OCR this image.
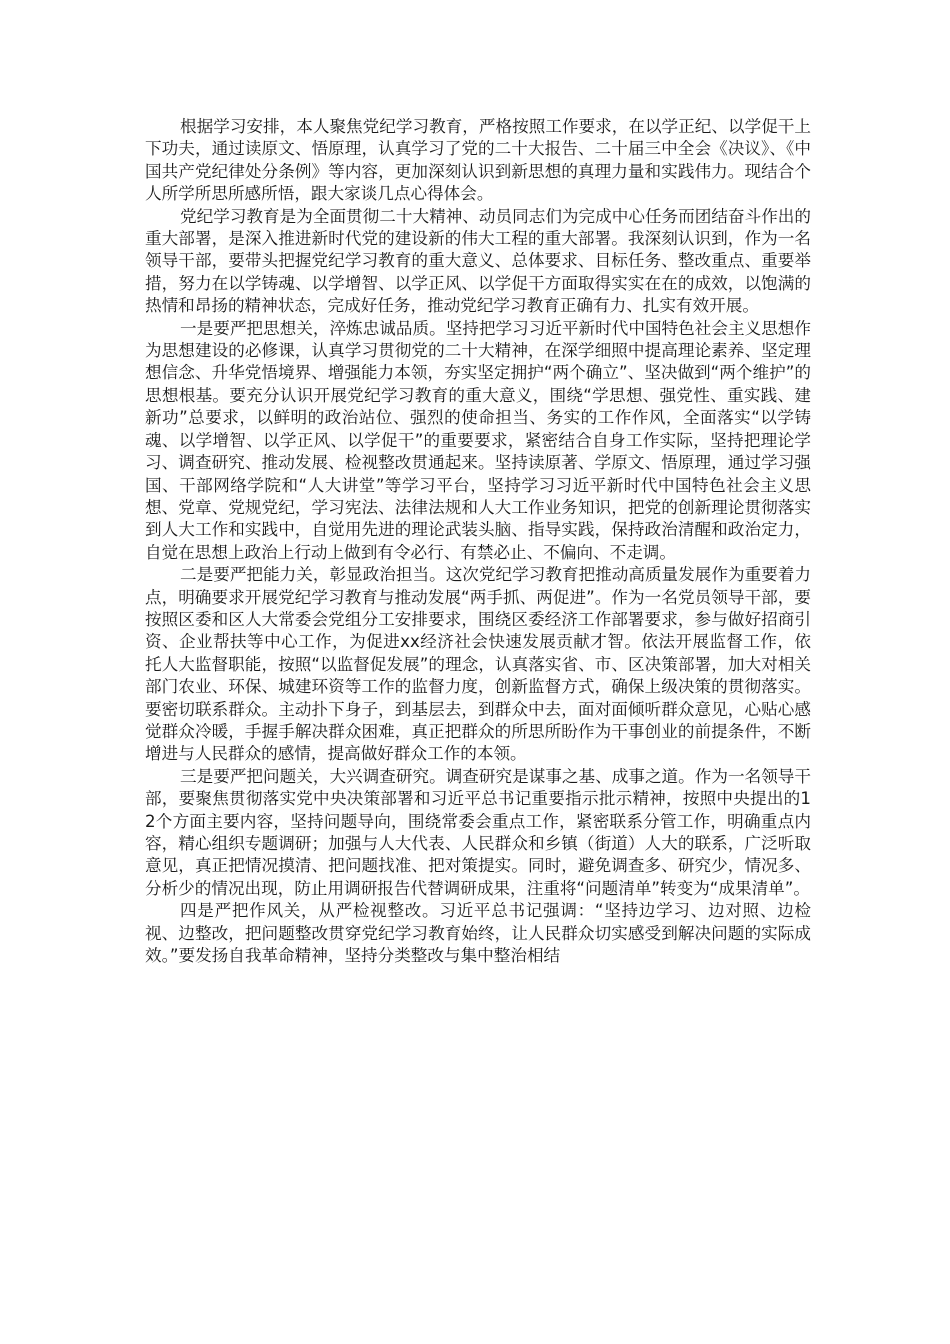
根据学习安排，本人聚焦党纪学习教育，严格按照工作要求，在以学正纪、以学促干上下功夫，通过读原文、悟原理，认真学习了党的二十大报告、二十届三中全会《决议》、《中国共产党纪律处分条例》等内容，更加深刻认识到新思想的真理力量和实践伟力。现结合个人所学所思所感所悟，跟大家谈几点心得体会。

党纪学习教育是为全面贯彻二十大精神、动员同志们为完成中心任务而团结奋斗作出的重大部署，是深入推进新时代党的建设新的伟大工程的重大部署。我深刻认识到，作为一名领导干部，要带头把握党纪学习教育的重大意义、总体要求、目标任务、整改重点、重要举措，努力在以学铸魂、以学增智、以学正风、以学促干方面取得实实在在的成效，以饱满的热情和昂扬的精神状态，完成好任务，推动党纪学习教育正确有力、扎实有效开展。

一是要严把思想关，淬炼忠诚品质。坚持把学习习近平新时代中国特色社会主义思想作为思想建设的必修课，认真学习贯彻党的二十大精神，在深学细照中提高理论素养、坚定理想信念、升华党悟境界、增强能力本领，夯实坚定拥护“两个确立”、坚决做到“两个维护”的思想根基。要充分认识开展党纪学习教育的重大意义，围绕“学思想、强党性、重实践、建新功”总要求，以鲜明的政治站位、强烈的使命担当、务实的工作作风，全面落实“以学铸魂、以学增智、以学正风、以学促干”的重要要求，紧密结合自身工作实际，坚持把理论学习、调查研究、推动发展、检视整改贯通起来。坚持读原著、学原文、悟原理，通过学习强国、干部网络学院和“人大讲堂”等学习平台，坚持学习习近平新时代中国特色社会主义思想、党章、党规党纪，学习宪法、法律法规和人大工作业务知识，把党的创新理论贯彻落实到人大工作和实践中，自觉用先进的理论武装头脑、指导实践，保持政治清醒和政治定力，自觉在思想上政治上行动上做到有令必行、有禁必止、不偏向、不走调。

二是要严把能力关，彰显政治担当。这次党纪学习教育把推动高质量发展作为重要着力点，明确要求开展党纪学习教育与推动发展“两手抓、两促进”。作为一名党员领导干部，要按照区委和区人大常委会党组分工安排要求，围绕区委经济工作部署要求，参与做好招商引资、企业帮扶等中心工作，为促进xx经济社会快速发展贡献才智。依法开展监督工作，依托人大监督职能，按照“以监督促发展”的理念，认真落实省、市、区决策部署，加大对相关部门农业、环保、城建环资等工作的监督力度，创新监督方式，确保上级决策的贯彻落实。要密切联系群众。主动扑下身子，到基层去，到群众中去，面对面倾听群众意见，心贴心感觉群众冷暖，手握手解决群众困难，真正把群众的所思所盼作为干事创业的前提条件，不断增进与人民群众的感情，提高做好群众工作的本领。

三是要严把问题关，大兴调查研究。调查研究是谋事之基、成事之道。作为一名领导干部，要聚焦贯彻落实党中央决策部署和习近平总书记重要指示批示精神，按照中央提出的12个方面主要内容，坚持问题导向，围绕常委会重点工作，紧密联系分管工作，明确重点内容，精心组织专题调研；加强与人大代表、人民群众和乡镇（街道）人大的联系，广泛听取意见，真正把情况摸清、把问题找准、把对策提实。同时，避免调查多、研究少，情况多、分析少的情况出现，防止用调研报告代替调研成果，注重将“问题清单”转变为“成果清单”。

四是严把作风关，从严检视整改。习近平总书记强调：“坚持边学习、边对照、边检视、边整改，把问题整改贯穿党纪学习教育始终，让人民群众切实感受到解决问题的实际成效。”要发扬自我革命精神，坚持分类整改与集中整治相结
